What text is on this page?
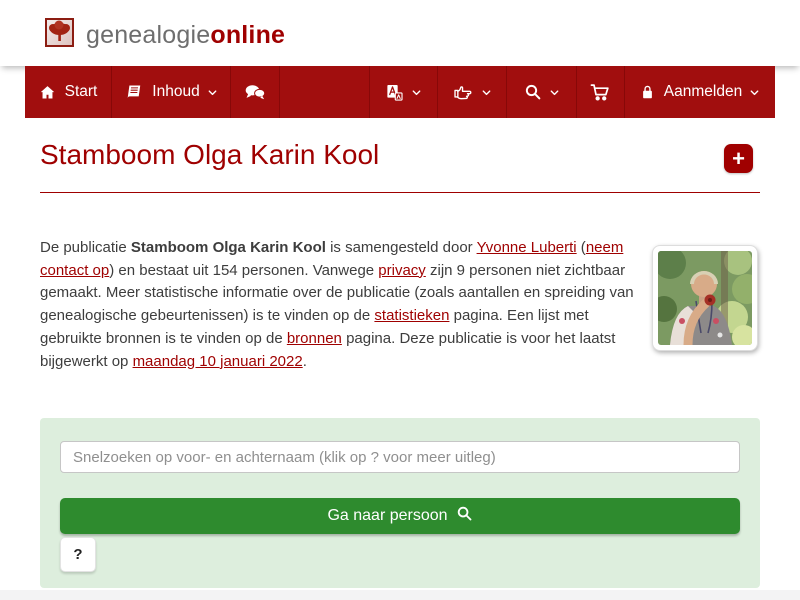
genealogieonline
Start	Inhoud	Aanmelden
Stamboom Olga Karin Kool	+

De publicatie Stamboom Olga Karin Kool is samengesteld door Yvonne Luberti (neem contact op) en bestaat uit 154 personen. Vanwege privacy zijn 9 personen niet zichtbaar gemaakt. Meer statistische informatie over de publicatie (zoals aantallen en spreiding van genealogische gebeurtenissen) is te vinden op de statistieken pagina. Een lijst met gebruikte bronnen is te vinden op de bronnen pagina. Deze publicatie is voor het laatst bijgewerkt op maandag 10 januari 2022.

Snelzoeken op voor- en achternaam (klik op ? voor meer uitleg)
Ga naar persoon
?
